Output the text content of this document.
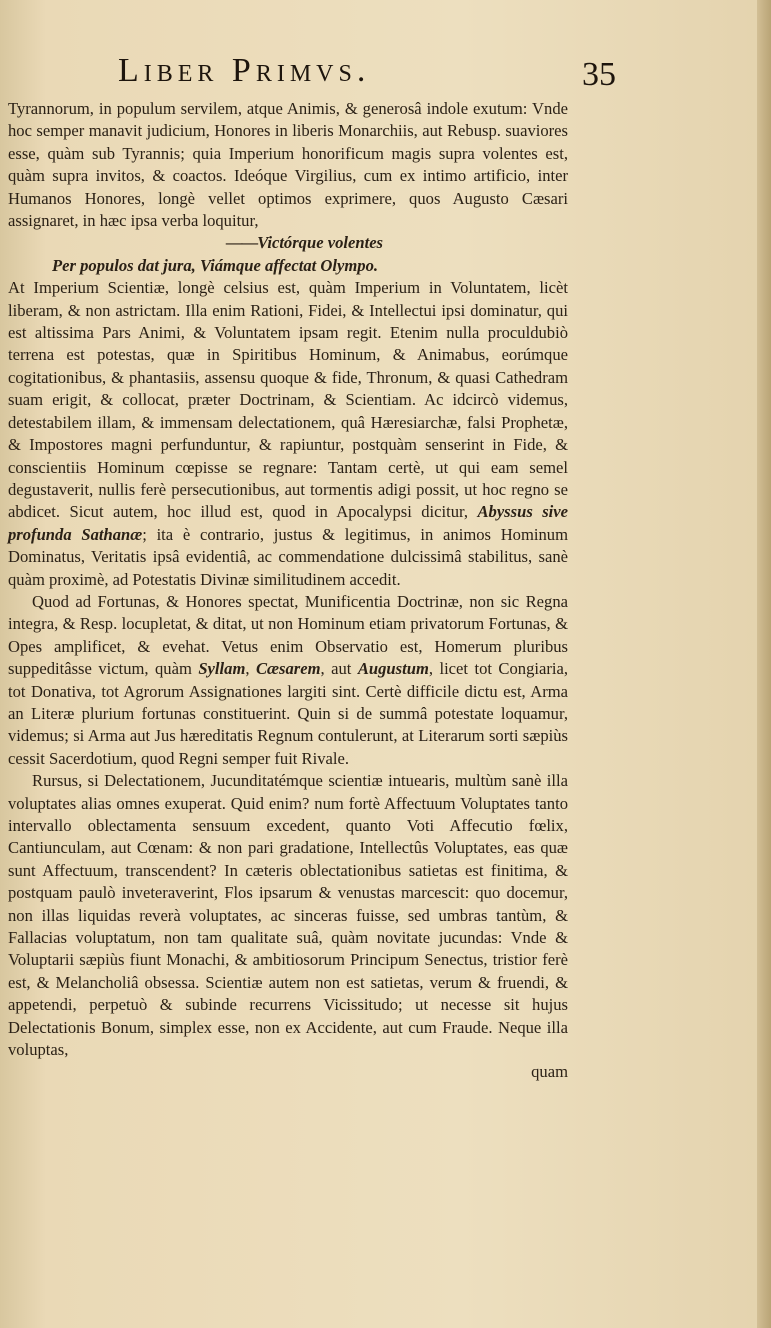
Liber Primvs.	35

Tyrannorum, in populum servilem, atque Animis, & generosâ indole exutum: Vnde hoc semper manavit judicium, Honores in liberis Monarchiis, aut Rebusp. suaviores esse, quàm sub Tyrannis; quia Imperium honorificum magis supra volentes est, quàm supra invitos, & coactos. Ideóque Virgilius, cum ex intimo artificio, inter Humanos Honores, longè vellet optimos exprimere, quos Augusto Cæsari assignaret, in hæc ipsa verba loquitur,

——Victórque volentes

Per populos dat jura, Viámque affectat Olympo.

At Imperium Scientiæ, longè celsius est, quàm Imperium in Voluntatem, licèt liberam, & non astrictam. Illa enim Rationi, Fidei, & Intellectui ipsi dominatur, qui est altissima Pars Animi, & Voluntatem ipsam regit. Etenim nulla proculdubiò terrena est potestas, quæ in Spiritibus Hominum, & Animabus, eorúmque cogitationibus, & phantasiis, assensu quoque & fide, Thronum, & quasi Cathedram suam erigit, & collocat, præter Doctrinam, & Scientiam. Ac idcircò videmus, detestabilem illam, & immensam delectationem, quâ Hæresiarchæ, falsi Prophetæ, & Impostores magni perfunduntur, & rapiuntur, postquàm senserint in Fide, & conscientiis Hominum cœpisse se regnare: Tantam certè, ut qui eam semel degustaverit, nullis ferè persecutionibus, aut tormentis adigi possit, ut hoc regno se abdicet. Sicut autem, hoc illud est, quod in Apocalypsi dicitur, Abyssus sive profunda Sathanæ; ita è contrario, justus & legitimus, in animos Hominum Dominatus, Veritatis ipsâ evidentiâ, ac commendatione dulcissimâ stabilitus, sanè quàm proximè, ad Potestatis Divinæ similitudinem accedit.

Quod ad Fortunas, & Honores spectat, Munificentia Doctrinæ, non sic Regna integra, & Resp. locupletat, & ditat, ut non Hominum etiam privatorum Fortunas, & Opes amplificet, & evehat. Vetus enim Observatio est, Homerum pluribus suppeditâsse victum, quàm Syllam, Cæsarem, aut Augustum, licet tot Congiaria, tot Donativa, tot Agrorum Assignationes largiti sint. Certè difficile dictu est, Arma an Literæ plurium fortunas constituerint. Quin si de summâ potestate loquamur, videmus; si Arma aut Jus hæreditatis Regnum contulerunt, at Literarum sorti sæpiùs cessit Sacerdotium, quod Regni semper fuit Rivale.

Rursus, si Delectationem, Jucunditatémque scientiæ intuearis, multùm sanè illa voluptates alias omnes exuperat. Quid enim? num fortè Affectuum Voluptates tanto intervallo oblectamenta sensuum excedent, quanto Voti Affecutio fœlix, Cantiunculam, aut Cœnam: & non pari gradatione, Intellectûs Voluptates, eas quæ sunt Affectuum, transcendent? In cæteris oblectationibus satietas est finitima, & postquam paulò inveteraverint, Flos ipsarum & venustas marcescit: quo docemur, non illas liquidas reverà voluptates, ac sinceras fuisse, sed umbras tantùm, & Fallacias voluptatum, non tam qualitate suâ, quàm novitate jucundas: Vnde & Voluptarii sæpiùs fiunt Monachi, & ambitiosorum Principum Senectus, tristior ferè est, & Melancholiâ obsessa. Scientiæ autem non est satietas, verum & fruendi, & appetendi, perpetuò & subinde recurrens Vicissitudo; ut necesse sit hujus Delectationis Bonum, simplex esse, non ex Accidente, aut cum Fraude. Neque illa voluptas,

quam
